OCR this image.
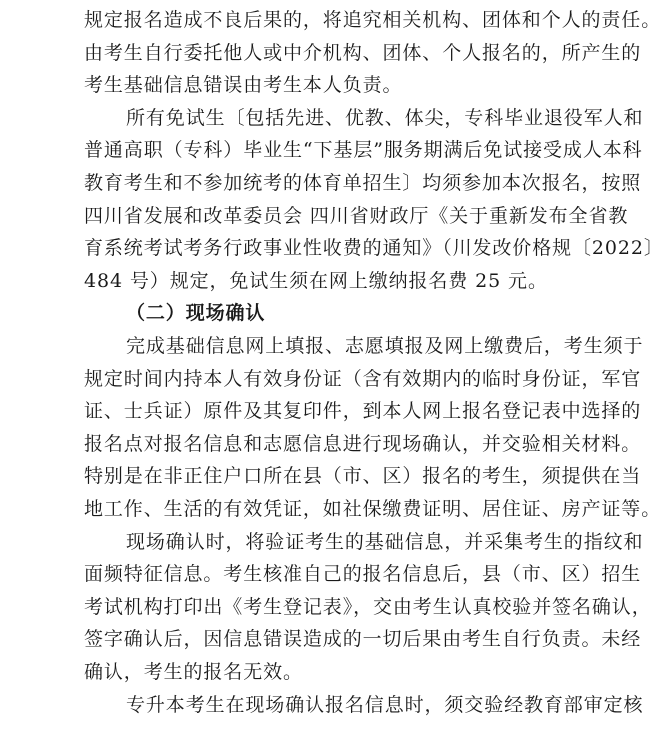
规定报名造成不良后果的，将追究相关机构、团体和个人的责任。
由考生自行委托他人或中介机构、团体、个人报名的，所产生的
考生基础信息错误由考生本人负责。
所有免试生〔包括先进、优教、体尖，专科毕业退役军人和
普通高职（专科）毕业生“下基层”服务期满后免试接受成人本科
教育考生和不参加统考的体育单招生〕均须参加本次报名，按照
四川省发展和改革委员会 四川省财政厅《关于重新发布全省教
育系统考试考务行政事业性收费的通知》（川发改价格规〔2022〕
484 号）规定，免试生须在网上缴纳报名费 25 元。
（二）现场确认
完成基础信息网上填报、志愿填报及网上缴费后，考生须于
规定时间内持本人有效身份证（含有效期内的临时身份证，军官
证、士兵证）原件及其复印件，到本人网上报名登记表中选择的
报名点对报名信息和志愿信息进行现场确认，并交验相关材料。
特别是在非正住户口所在县（市、区）报名的考生，须提供在当
地工作、生活的有效凭证，如社保缴费证明、居住证、房产证等。
现场确认时，将验证考生的基础信息，并采集考生的指纹和
面频特征信息。考生核准自己的报名信息后，县（市、区）招生
考试机构打印出《考生登记表》，交由考生认真校验并签名确认，
签字确认后，因信息错误造成的一切后果由考生自行负责。未经
确认，考生的报名无效。
专升本考生在现场确认报名信息时，须交验经教育部审定核
